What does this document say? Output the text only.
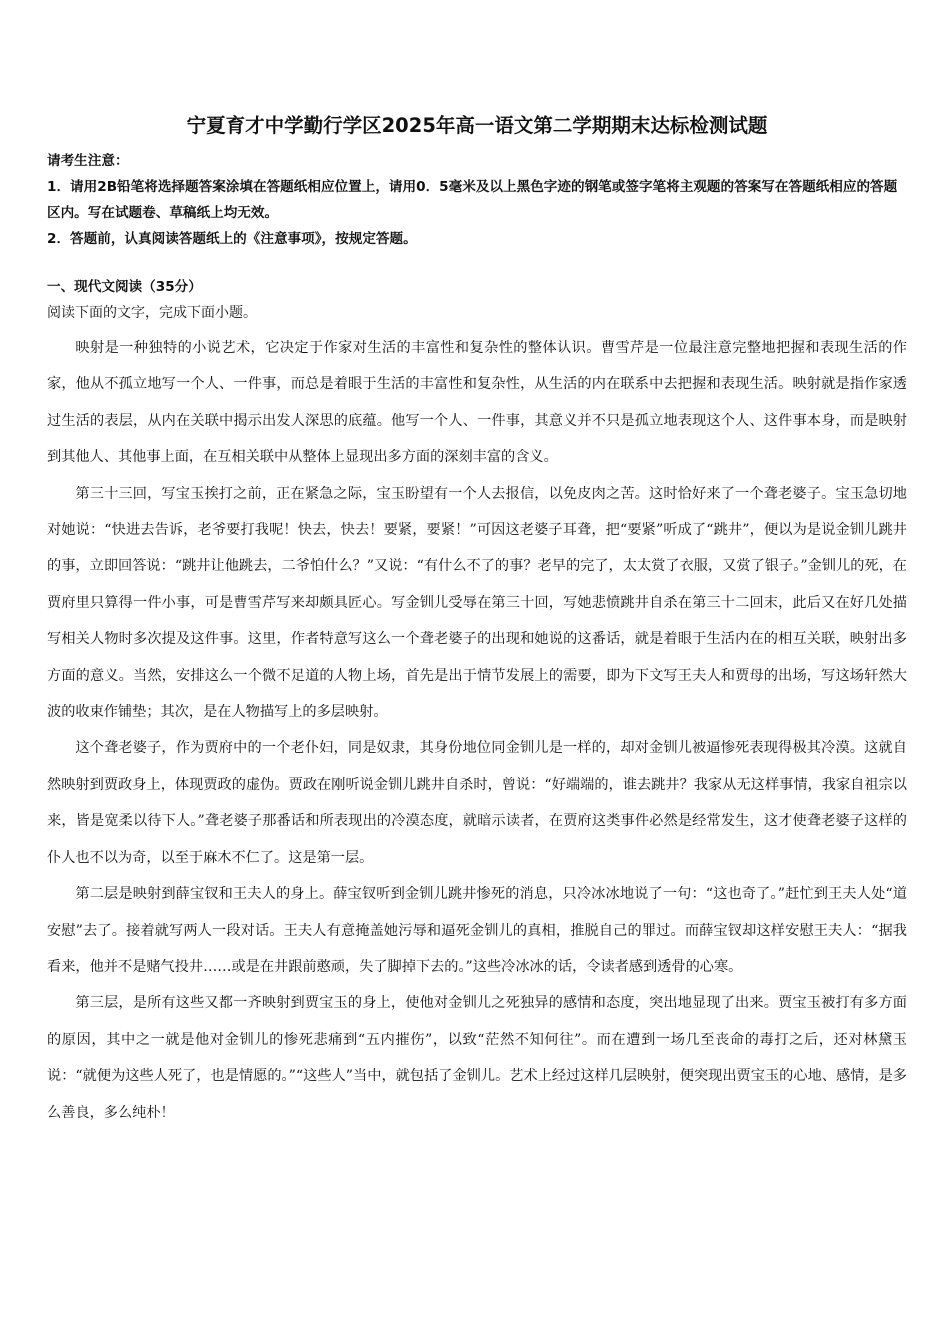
宁夏育才中学勤行学区2025年高一语文第二学期期末达标检测试题

请考生注意：

1．请用2B铅笔将选择题答案涂填在答题纸相应位置上，请用0．5毫米及以上黑色字迹的钢笔或签字笔将主观题的答案写在答题纸相应的答题区内。写在试题卷、草稿纸上均无效。

2．答题前，认真阅读答题纸上的《注意事项》，按规定答题。

一、现代文阅读（35分）

阅读下面的文字，完成下面小题。

映射是一种独特的小说艺术，它决定于作家对生活的丰富性和复杂性的整体认识。曹雪芹是一位最注意完整地把握和表现生活的作家，他从不孤立地写一个人、一件事，而总是着眼于生活的丰富性和复杂性，从生活的内在联系中去把握和表现生活。映射就是指作家透过生活的表层，从内在关联中揭示出发人深思的底蕴。他写一个人、一件事，其意义并不只是孤立地表现这个人、这件事本身，而是映射到其他人、其他事上面，在互相关联中从整体上显现出多方面的深刻丰富的含义。

第三十三回，写宝玉挨打之前，正在紧急之际，宝玉盼望有一个人去报信，以免皮肉之苦。这时恰好来了一个聋老婆子。宝玉急切地对她说：“快进去告诉，老爷要打我呢！快去，快去！要紧，要紧！”可因这老婆子耳聋，把“要紧”听成了“跳井”，便以为是说金钏儿跳井的事，立即回答说：“跳井让他跳去，二爷怕什么？”又说：“有什么不了的事？老早的完了，太太赏了衣服，又赏了银子。”金钏儿的死，在贾府里只算得一件小事，可是曹雪芹写来却颇具匠心。写金钏儿受辱在第三十回，写她悲愤跳井自杀在第三十二回末，此后又在好几处描写相关人物时多次提及这件事。这里，作者特意写这么一个聋老婆子的出现和她说的这番话，就是着眼于生活内在的相互关联，映射出多方面的意义。当然，安排这么一个微不足道的人物上场，首先是出于情节发展上的需要，即为下文写王夫人和贾母的出场，写这场轩然大波的收束作铺垫；其次，是在人物描写上的多层映射。

这个聋老婆子，作为贾府中的一个老仆妇，同是奴隶，其身份地位同金钏儿是一样的，却对金钏儿被逼惨死表现得极其冷漠。这就自然映射到贾政身上，体现贾政的虚伪。贾政在刚听说金钏儿跳井自杀时，曾说：“好端端的，谁去跳井？我家从无这样事情，我家自祖宗以来，皆是宽柔以待下人。”聋老婆子那番话和所表现出的冷漠态度，就暗示读者，在贾府这类事件必然是经常发生，这才使聋老婆子这样的仆人也不以为奇，以至于麻木不仁了。这是第一层。

第二层是映射到薛宝钗和王夫人的身上。薛宝钗听到金钏儿跳井惨死的消息，只冷冰冰地说了一句：“这也奇了。”赶忙到王夫人处“道安慰”去了。接着就写两人一段对话。王夫人有意掩盖她污辱和逼死金钏儿的真相，推脱自己的罪过。而薛宝钗却这样安慰王夫人：“据我看来，他并不是赌气投井……或是在井跟前憨顽，失了脚掉下去的。”这些冷冰冰的话，令读者感到透骨的心寒。

第三层，是所有这些又都一齐映射到贾宝玉的身上，使他对金钏儿之死独异的感情和态度，突出地显现了出来。贾宝玉被打有多方面的原因，其中之一就是他对金钏儿的惨死悲痛到“五内摧伤”，以致“茫然不知何往”。而在遭到一场几至丧命的毒打之后，还对林黛玉说：“就便为这些人死了，也是情愿的。”“这些人”当中，就包括了金钏儿。艺术上经过这样几层映射，便突现出贾宝玉的心地、感情，是多么善良，多么纯朴！
